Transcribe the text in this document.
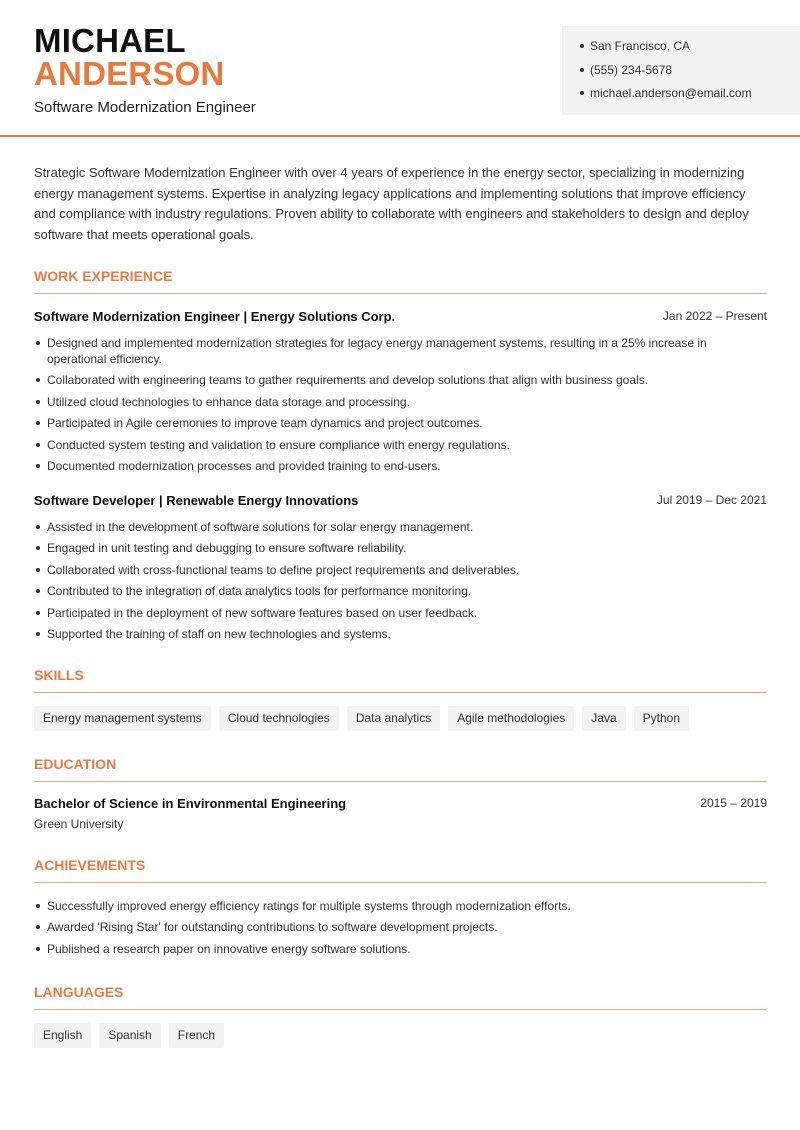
MICHAEL
ANDERSON
Software Modernization Engineer
San Francisco, CA
(555) 234-5678
michael.anderson@email.com

Strategic Software Modernization Engineer with over 4 years of experience in the energy sector, specializing in modernizing energy management systems. Expertise in analyzing legacy applications and implementing solutions that improve efficiency and compliance with industry regulations. Proven ability to collaborate with engineers and stakeholders to design and deploy software that meets operational goals.

WORK EXPERIENCE
Software Modernization Engineer | Energy Solutions Corp.	Jan 2022 – Present
Designed and implemented modernization strategies for legacy energy management systems, resulting in a 25% increase in operational efficiency.
Collaborated with engineering teams to gather requirements and develop solutions that align with business goals.
Utilized cloud technologies to enhance data storage and processing.
Participated in Agile ceremonies to improve team dynamics and project outcomes.
Conducted system testing and validation to ensure compliance with energy regulations.
Documented modernization processes and provided training to end-users.
Software Developer | Renewable Energy Innovations	Jul 2019 – Dec 2021
Assisted in the development of software solutions for solar energy management.
Engaged in unit testing and debugging to ensure software reliability.
Collaborated with cross-functional teams to define project requirements and deliverables.
Contributed to the integration of data analytics tools for performance monitoring.
Participated in the deployment of new software features based on user feedback.
Supported the training of staff on new technologies and systems.
SKILLS
Energy management systems	Cloud technologies	Data analytics	Agile methodologies	Java	Python
EDUCATION
Bachelor of Science in Environmental Engineering	2015 – 2019
Green University
ACHIEVEMENTS
Successfully improved energy efficiency ratings for multiple systems through modernization efforts.
Awarded 'Rising Star' for outstanding contributions to software development projects.
Published a research paper on innovative energy software solutions.
LANGUAGES
English	Spanish	French
